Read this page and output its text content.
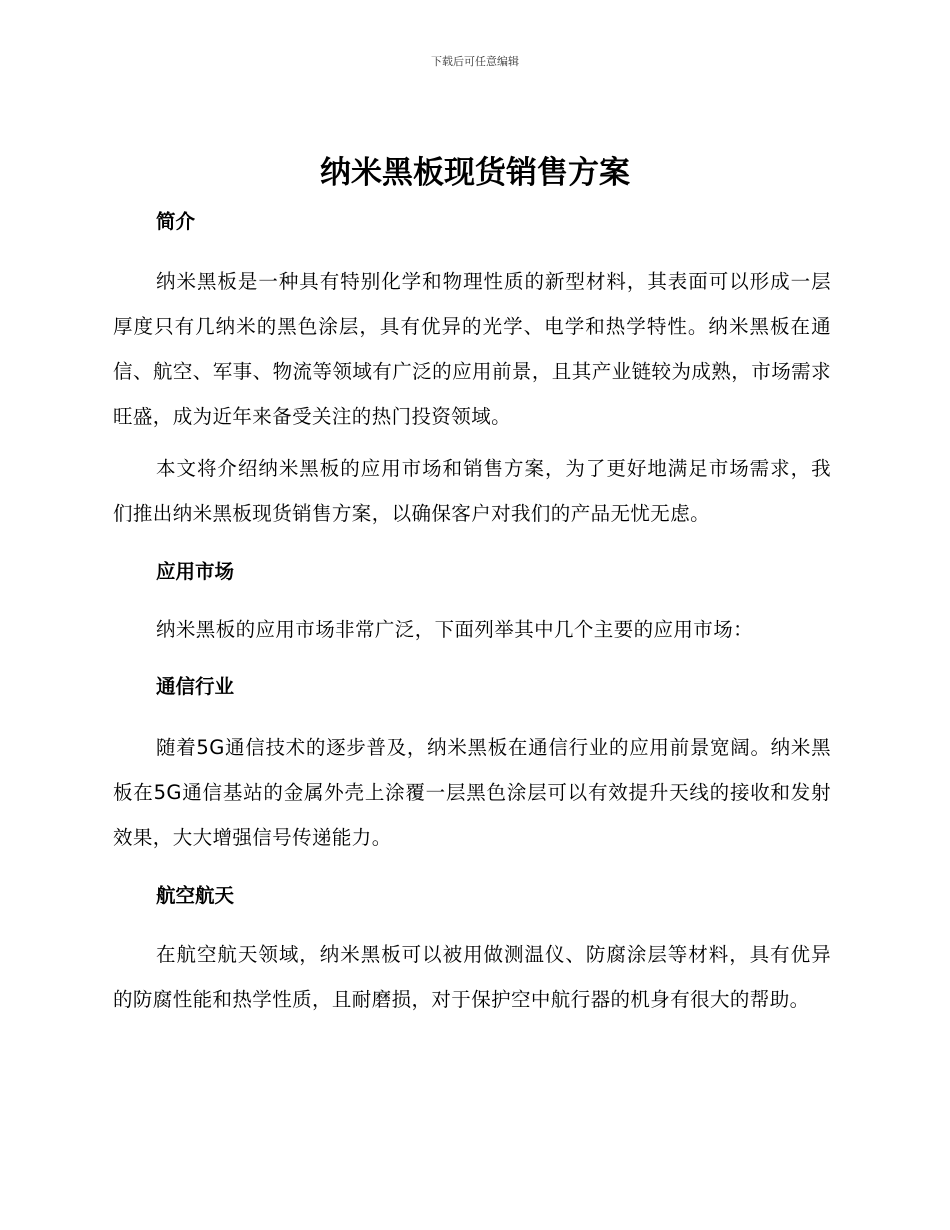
下载后可任意编辑
纳米黑板现货销售方案

简介

纳米黑板是一种具有特别化学和物理性质的新型材料，其表面可以形成一层厚度只有几纳米的黑色涂层，具有优异的光学、电学和热学特性。纳米黑板在通信、航空、军事、物流等领域有广泛的应用前景，且其产业链较为成熟，市场需求旺盛，成为近年来备受关注的热门投资领域。

本文将介绍纳米黑板的应用市场和销售方案，为了更好地满足市场需求，我们推出纳米黑板现货销售方案，以确保客户对我们的产品无忧无虑。

应用市场

纳米黑板的应用市场非常广泛，下面列举其中几个主要的应用市场：

通信行业

随着5G通信技术的逐步普及，纳米黑板在通信行业的应用前景宽阔。纳米黑板在5G通信基站的金属外壳上涂覆一层黑色涂层可以有效提升天线的接收和发射效果，大大增强信号传递能力。

航空航天

在航空航天领域，纳米黑板可以被用做测温仪、防腐涂层等材料，具有优异的防腐性能和热学性质，且耐磨损，对于保护空中航行器的机身有很大的帮助。
